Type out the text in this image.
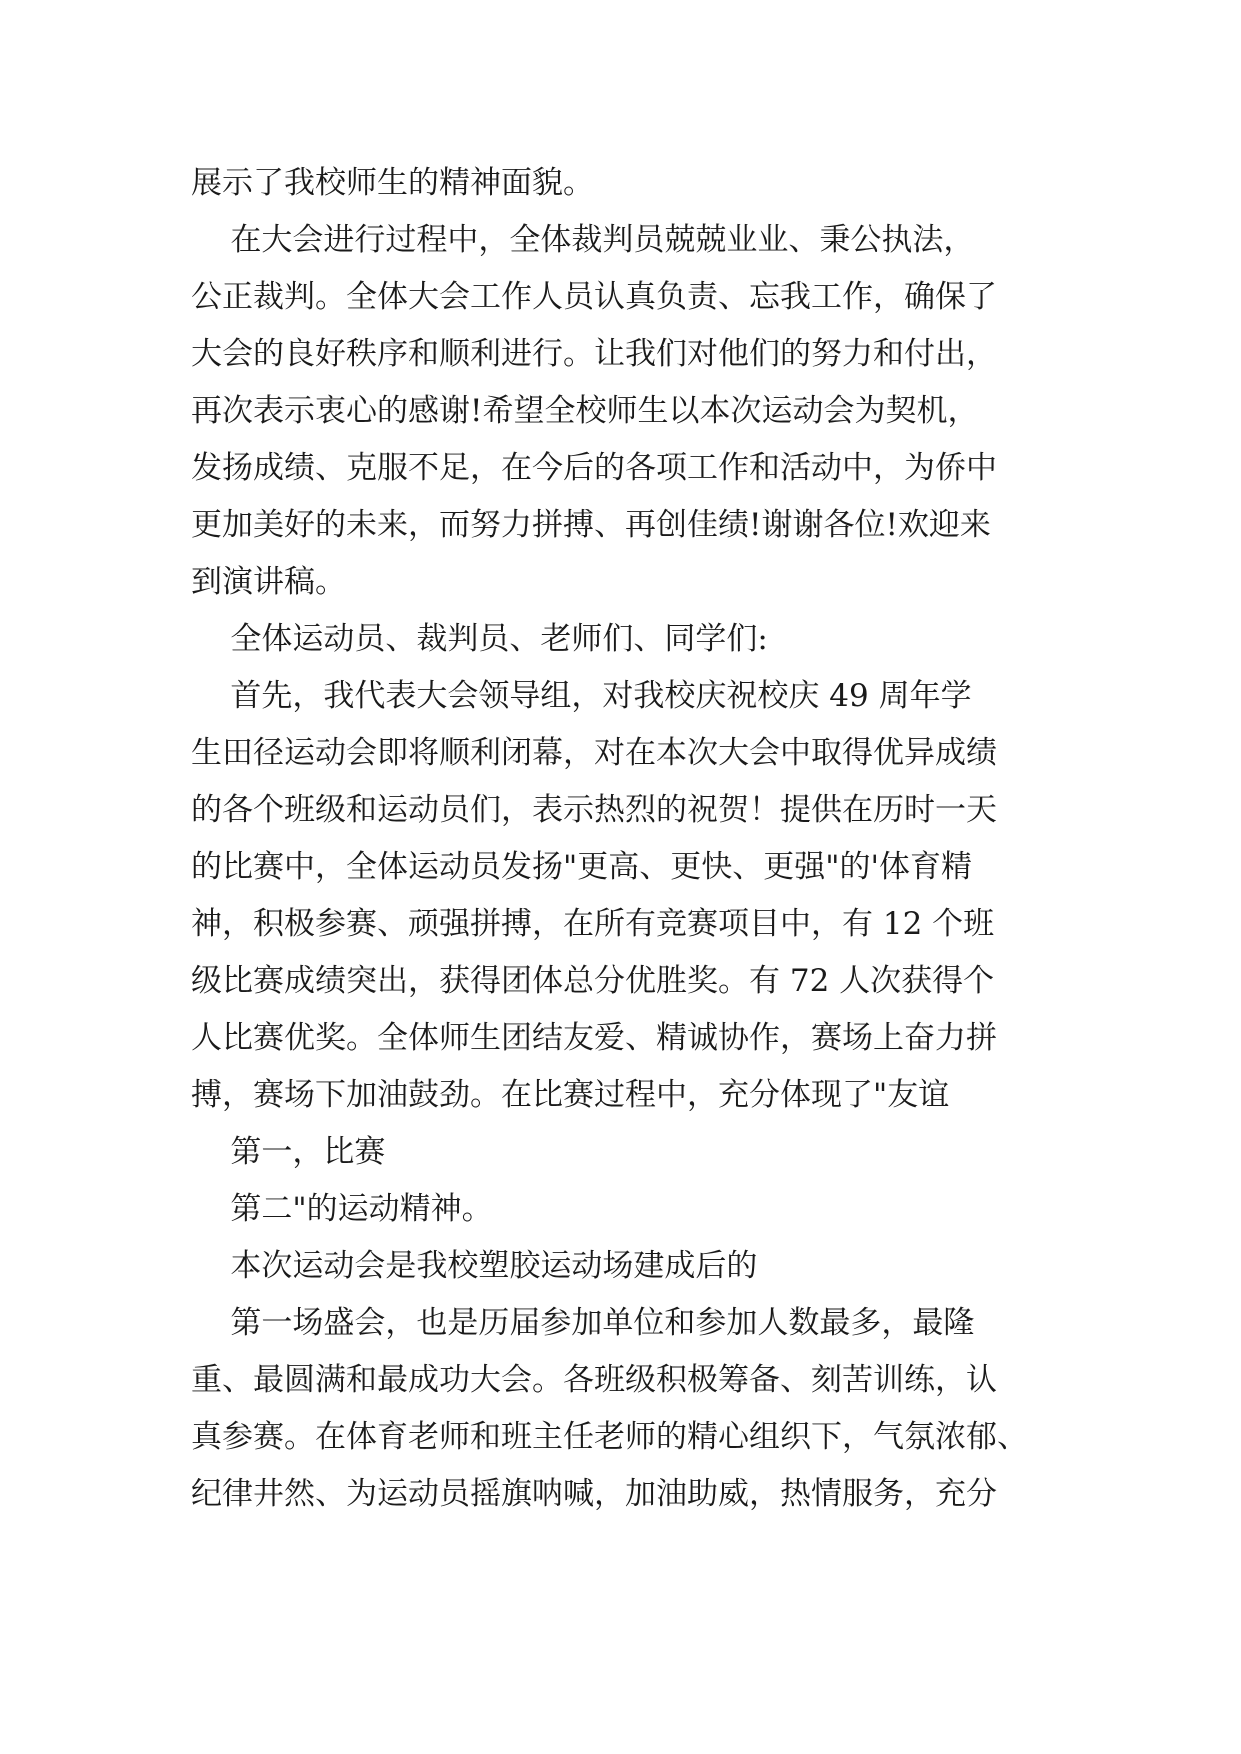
展示了我校师生的精神面貌。
在大会进行过程中，全体裁判员兢兢业业、秉公执法，
公正裁判。全体大会工作人员认真负责、忘我工作，确保了
大会的良好秩序和顺利进行。让我们对他们的努力和付出，
再次表示衷心的感谢!希望全校师生以本次运动会为契机，
发扬成绩、克服不足，在今后的各项工作和活动中，为侨中
更加美好的未来，而努力拼搏、再创佳绩!谢谢各位!欢迎来
到演讲稿。
全体运动员、裁判员、老师们、同学们:
首先，我代表大会领导组，对我校庆祝校庆 49 周年学
生田径运动会即将顺利闭幕，对在本次大会中取得优异成绩
的各个班级和运动员们，表示热烈的祝贺！提供在历时一天
的比赛中，全体运动员发扬"更高、更快、更强"的'体育精
神，积极参赛、顽强拼搏，在所有竞赛项目中，有 12 个班
级比赛成绩突出，获得团体总分优胜奖。有 72 人次获得个
人比赛优奖。全体师生团结友爱、精诚协作，赛场上奋力拼
搏，赛场下加油鼓劲。在比赛过程中，充分体现了"友谊
第一，比赛
第二"的运动精神。
本次运动会是我校塑胶运动场建成后的
第一场盛会，也是历届参加单位和参加人数最多，最隆
重、最圆满和最成功大会。各班级积极筹备、刻苦训练，认
真参赛。在体育老师和班主任老师的精心组织下，气氛浓郁、
纪律井然、为运动员摇旗呐喊，加油助威，热情服务，充分
